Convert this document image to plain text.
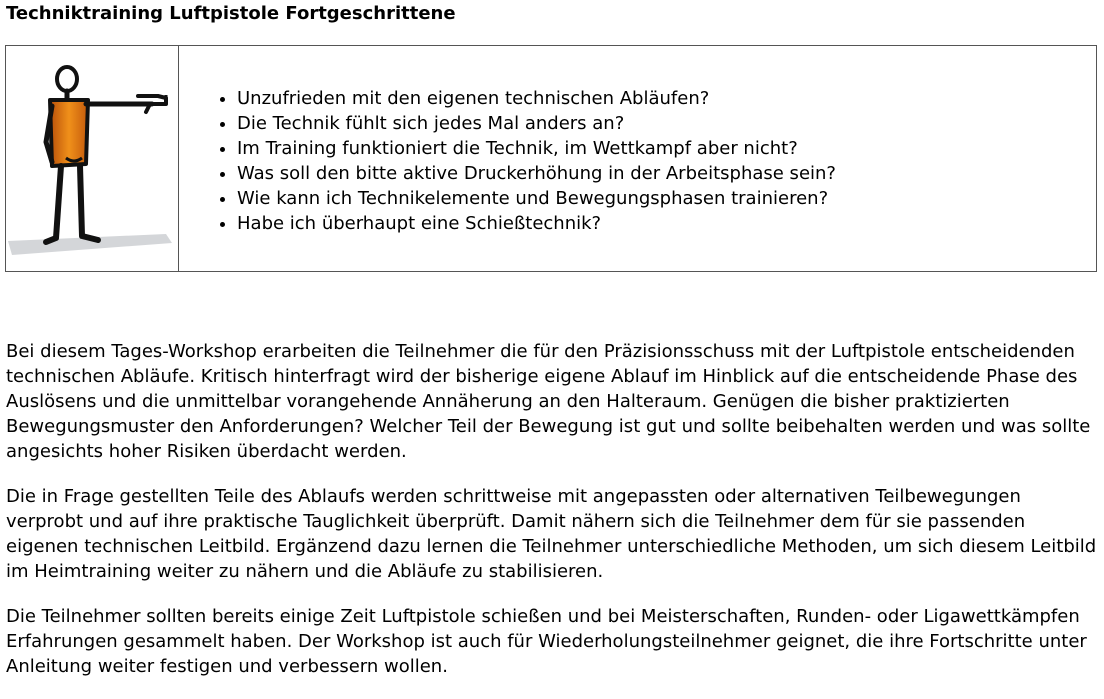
Techniktraining Luftpistole Fortgeschrittene
• Unzufrieden mit den eigenen technischen Abläufen?
• Die Technik fühlt sich jedes Mal anders an?
• Im Training funktioniert die Technik, im Wettkampf aber nicht?
• Was soll den bitte aktive Druckerhöhung in der Arbeitsphase sein?
• Wie kann ich Technikelemente und Bewegungsphasen trainieren?
• Habe ich überhaupt eine Schießtechnik?

Bei diesem Tages-Workshop erarbeiten die Teilnehmer die für den Präzisionsschuss mit der Luftpistole entscheidenden technischen Abläufe. Kritisch hinterfragt wird der bisherige eigene Ablauf im Hinblick auf die entscheidende Phase des Auslösens und die unmittelbar vorangehende Annäherung an den Halteraum. Genügen die bisher praktizierten Bewegungsmuster den Anforderungen? Welcher Teil der Bewegung ist gut und sollte beibehalten werden und was sollte angesichts hoher Risiken überdacht werden.

Die in Frage gestellten Teile des Ablaufs werden schrittweise mit angepassten oder alternativen Teilbewegungen verprobt und auf ihre praktische Tauglichkeit überprüft. Damit nähern sich die Teilnehmer dem für sie passenden eigenen technischen Leitbild. Ergänzend dazu lernen die Teilnehmer unterschiedliche Methoden, um sich diesem Leitbild im Heimtraining weiter zu nähern und die Abläufe zu stabilisieren.

Die Teilnehmer sollten bereits einige Zeit Luftpistole schießen und bei Meisterschaften, Runden- oder Ligawettkämpfen Erfahrungen gesammelt haben. Der Workshop ist auch für Wiederholungsteilnehmer geignet, die ihre Fortschritte unter Anleitung weiter festigen und verbessern wollen.
